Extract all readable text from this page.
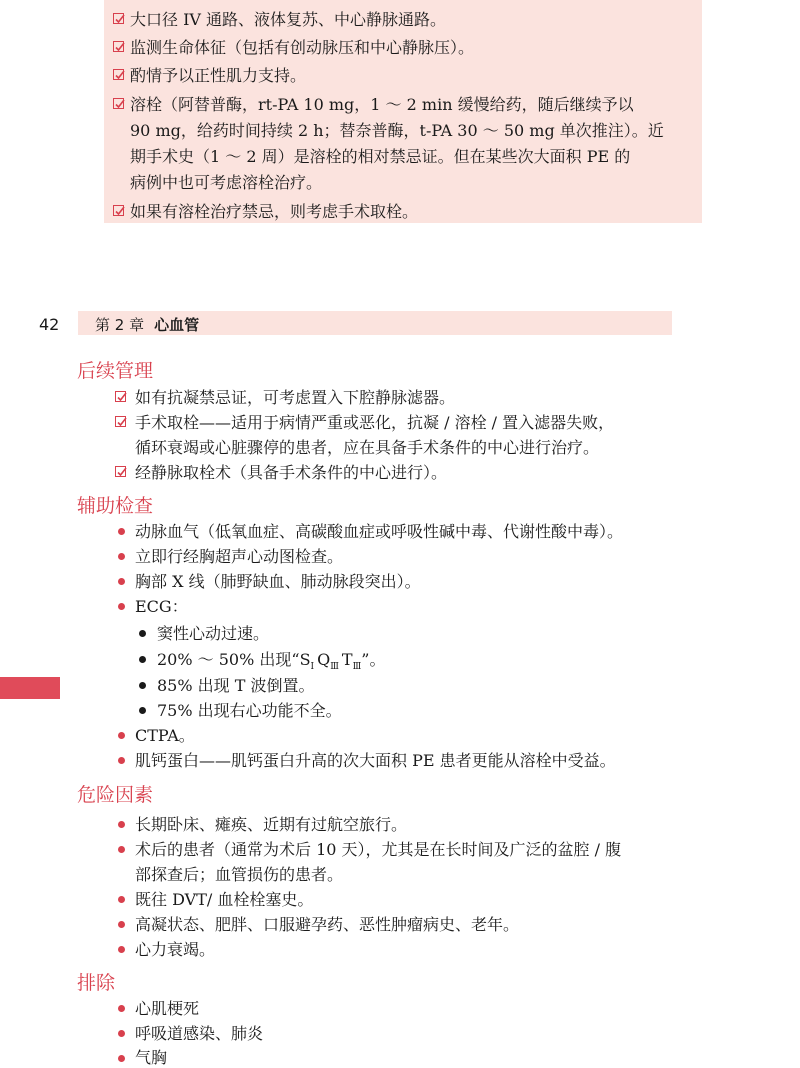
大口径 IV 通路、液体复苏、中心静脉通路。
监测生命体征（包括有创动脉压和中心静脉压）。
酌情予以正性肌力支持。
溶栓（阿替普酶，rt-PA 10 mg，1 ～ 2 min 缓慢给药，随后继续予以
90 mg，给药时间持续 2 h；替奈普酶，t-PA 30 ～ 50 mg 单次推注）。近
期手术史（1 ～ 2 周）是溶栓的相对禁忌证。但在某些次大面积 PE 的
病例中也可考虑溶栓治疗。
如果有溶栓治疗禁忌，则考虑手术取栓。
42 第 2 章 心血管
后续管理
如有抗凝禁忌证，可考虑置入下腔静脉滤器。
手术取栓——适用于病情严重或恶化，抗凝 / 溶栓 / 置入滤器失败，
循环衰竭或心脏骤停的患者，应在具备手术条件的中心进行治疗。
经静脉取栓术（具备手术条件的中心进行）。
辅助检查
动脉血气（低氧血症、高碳酸血症或呼吸性碱中毒、代谢性酸中毒）。
立即行经胸超声心动图检查。
胸部 X 线（肺野缺血、肺动脉段突出）。
ECG：
窦性心动过速。
20% ～ 50% 出现“$S_Ⅰ$ $Q_Ⅲ$ $T_Ⅲ$”。
85% 出现 T 波倒置。
75% 出现右心功能不全。
CTPA。
肌钙蛋白——肌钙蛋白升高的次大面积 PE 患者更能从溶栓中受益。
危险因素
长期卧床、瘫痪、近期有过航空旅行。
术后的患者（通常为术后 10 天），尤其是在长时间及广泛的盆腔 / 腹
部探查后；血管损伤的患者。
既往 DVT/ 血栓栓塞史。
高凝状态、肥胖、口服避孕药、恶性肿瘤病史、老年。
心力衰竭。
排除
心肌梗死
呼吸道感染、肺炎
气胸
